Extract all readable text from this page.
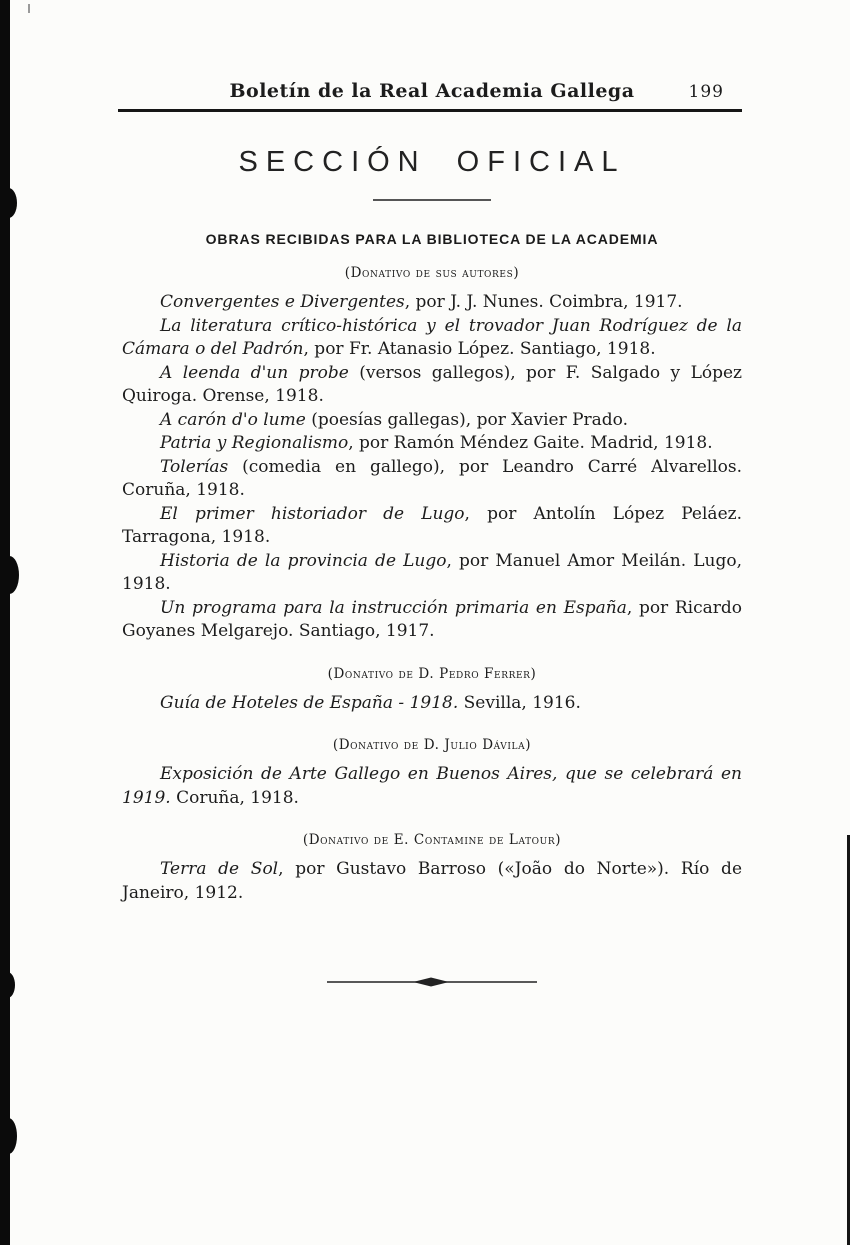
Boletín de la Real Academia Gallega	199
SECCIÓN OFICIAL
OBRAS RECIBIDAS PARA LA BIBLIOTECA DE LA ACADEMIA
(Donativo de sus autores)

Convergentes e Divergentes, por J. J. Nunes. Coimbra, 1917.

La literatura crítico-histórica y el trovador Juan Rodríguez de la Cámara o del Padrón, por Fr. Atanasio López. Santiago, 1918.

A leenda d'un probe (versos gallegos), por F. Salgado y López Quiroga. Orense, 1918.

A carón d'o lume (poesías gallegas), por Xavier Prado.

Patria y Regionalismo, por Ramón Méndez Gaite. Madrid, 1918.

Tolerías (comedia en gallego), por Leandro Carré Alvarellos. Coruña, 1918.

El primer historiador de Lugo, por Antolín López Peláez. Tarragona, 1918.

Historia de la provincia de Lugo, por Manuel Amor Meilán. Lugo, 1918.

Un programa para la instrucción primaria en España, por Ricardo Goyanes Melgarejo. Santiago, 1917.

(Donativo de D. Pedro Ferrer)

Guía de Hoteles de España - 1918. Sevilla, 1916.

(Donativo de D. Julio Dávila)

Exposición de Arte Gallego en Buenos Aires, que se celebrará en 1919. Coruña, 1918.

(Donativo de E. Contamine de Latour)

Terra de Sol, por Gustavo Barroso («João do Norte»). Río de Janeiro, 1912.
